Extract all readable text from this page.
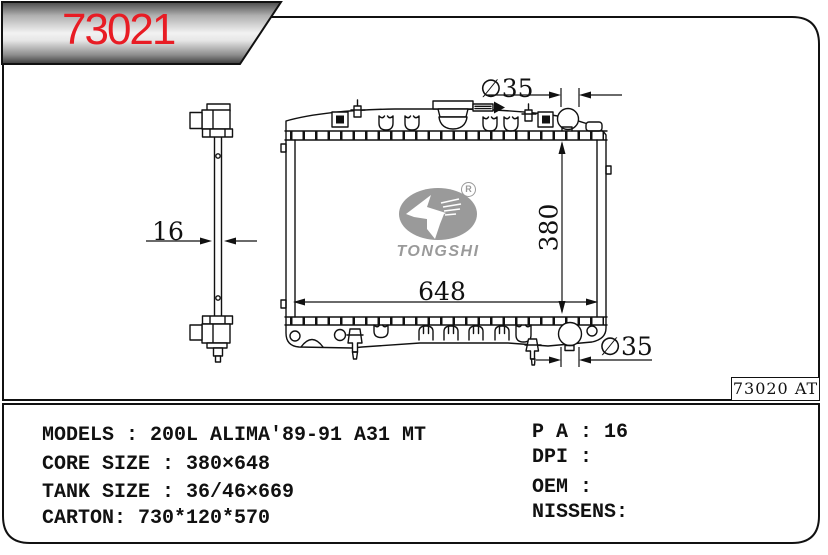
73021
∅35
380
648
16
∅35
R
TONGSHI
73020 AT
MODELS : 200L ALIMA'89-91 A31 MT
CORE SIZE : 380×648
TANK SIZE : 36/46×669
CARTON: 730*120*570
P A : 16
DPI :
OEM :
NISSENS:
